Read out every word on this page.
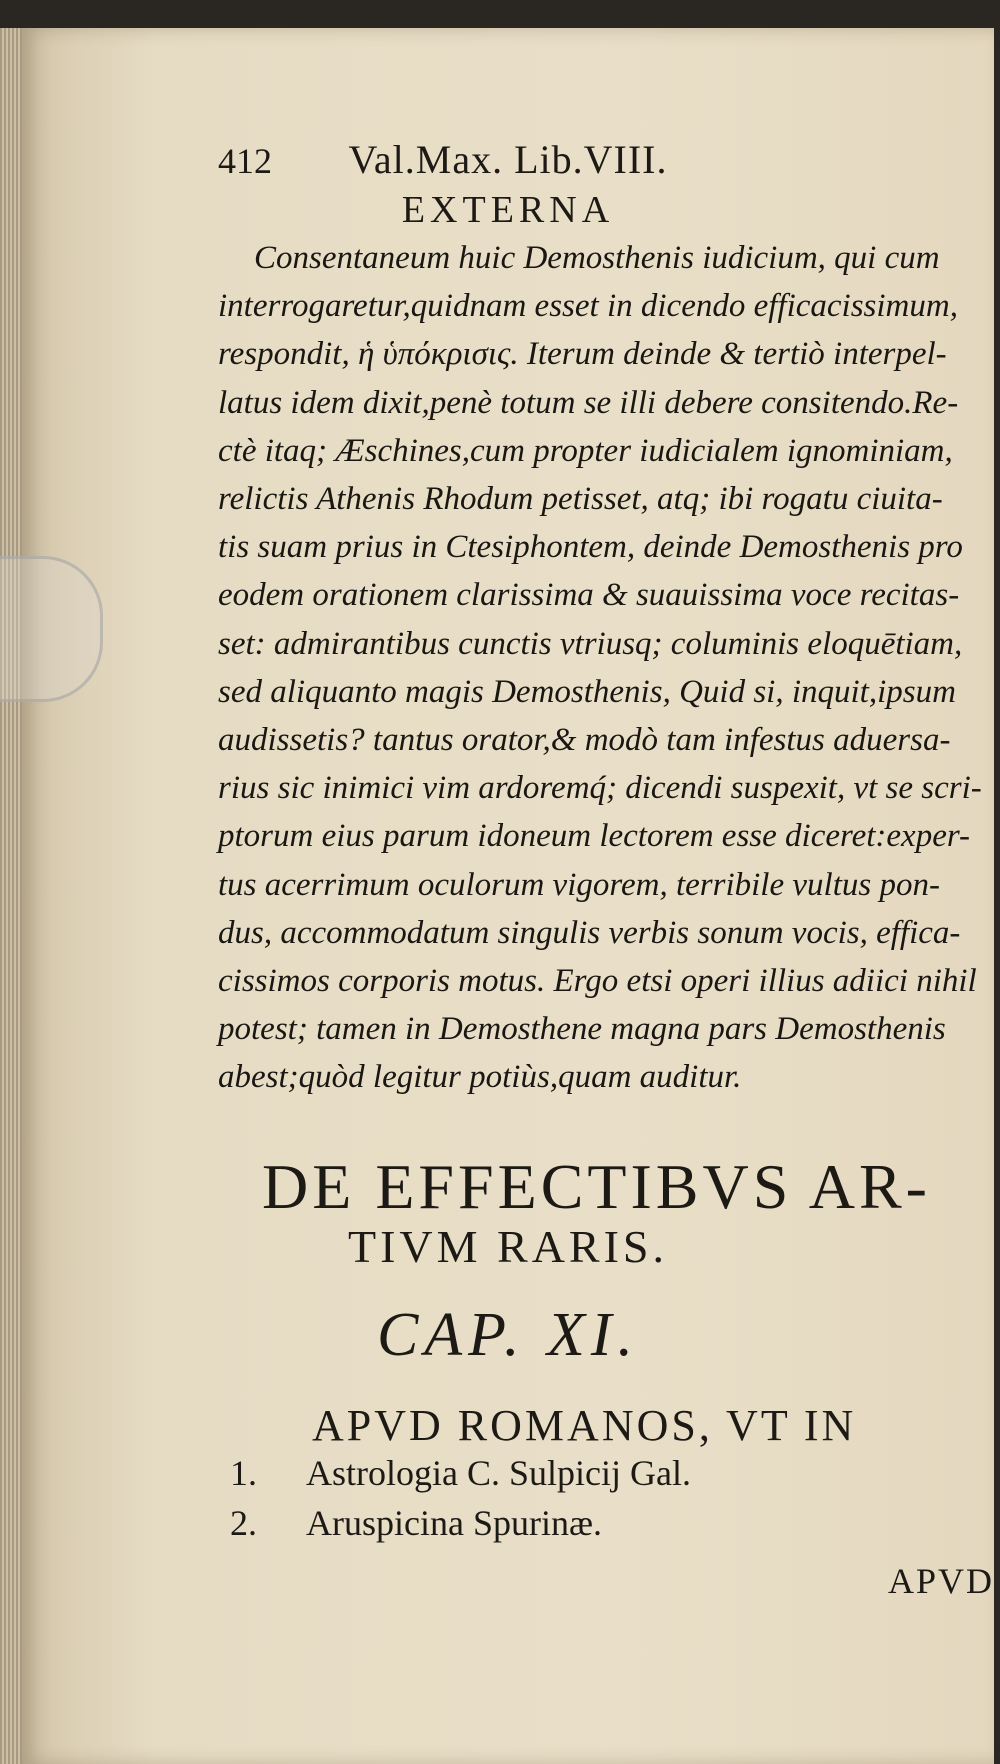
412	Val.Max. Lib.VIII.
EXTERNA
Consentaneum huic Demosthenis iudicium, qui cum
interrogaretur,quidnam esset in dicendo efficacissimum,
respondit, ἡ ὑπόκρισις. Iterum deinde & tertiò interpel-
latus idem dixit,penè totum se illi debere consitendo.Re-
ctè itaq; Æschines,cum propter iudicialem ignominiam,
relictis Athenis Rhodum petisset, atq; ibi rogatu ciuita-
tis suam prius in Ctesiphontem, deinde Demosthenis pro
eodem orationem clarissima & suauissima voce recitas-
set: admirantibus cunctis vtriusq; columinis eloquētiam,
sed aliquanto magis Demosthenis, Quid si, inquit,ipsum
audissetis? tantus orator,& modò tam infestus aduersa-
rius sic inimici vim ardoremq́; dicendi suspexit, vt se scri-
ptorum eius parum idoneum lectorem esse diceret:exper-
tus acerrimum oculorum vigorem, terribile vultus pon-
dus, accommodatum singulis verbis sonum vocis, effica-
cissimos corporis motus. Ergo etsi operi illius adiici nihil
potest; tamen in Demosthene magna pars Demosthenis
abest;quòd legitur potiùs,quam auditur.
DE EFFECTIBVS AR-
TIVM RARIS.
CAP. XI.
APVD ROMANOS, VT IN
1. Astrologia C. Sulpicij Gal.
2. Aruspicina Spurinæ.
APVD
